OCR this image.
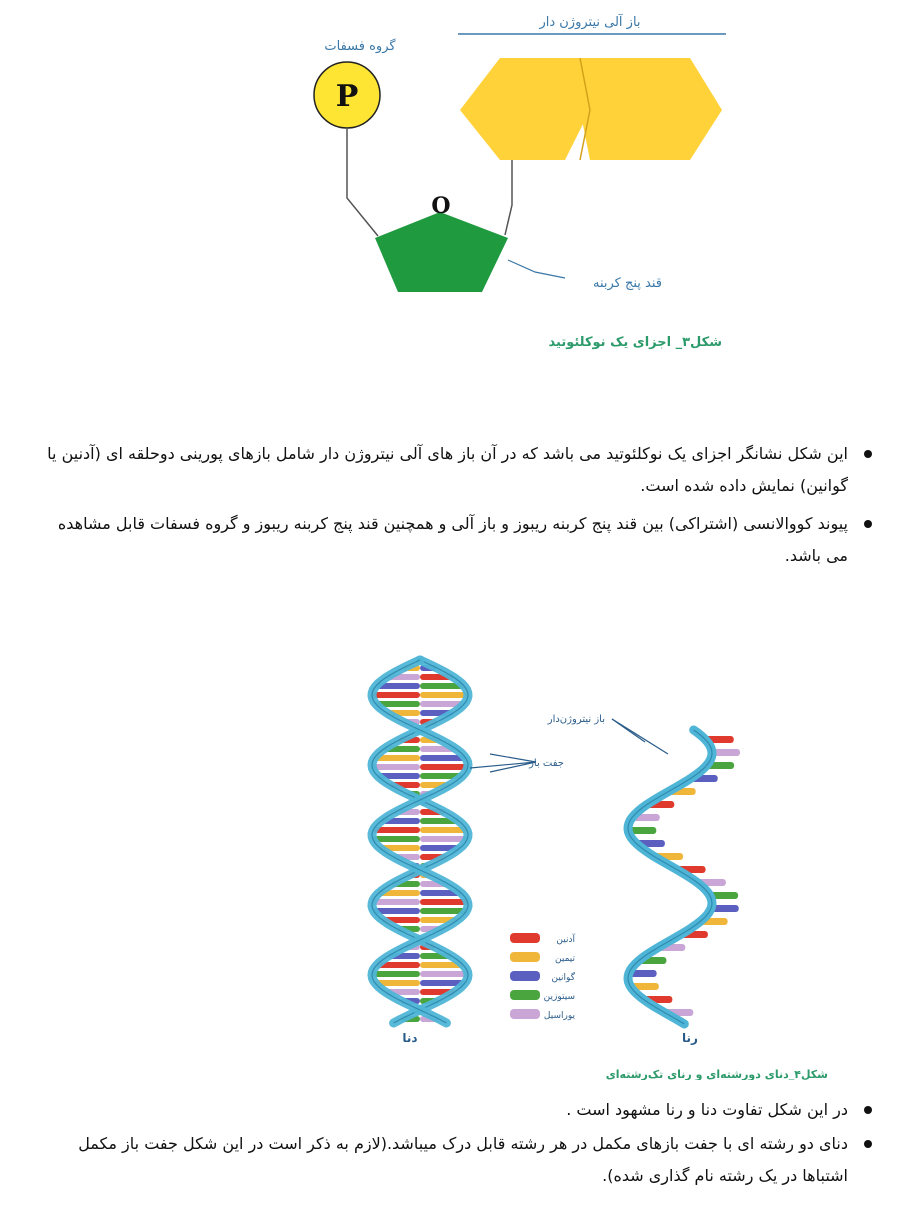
باز آلی نیتروژن دار
گروه فسفات
P
O
قند پنج کربنه
شکل۳_ اجزای یک نوکلئوتید

این شکل نشانگر اجزای یک نوکلئوتید می باشد که در آن باز های آلی نیتروژن دار شامل بازهای پورینی دوحلقه ای (آدنین یا گوانین) نمایش داده شده است.

پیوند کووالانسی (اشتراکی) بین قند پنج کربنه ریبوز و باز آلی و همچنین قند پنج کربنه ریبوز و گروه فسفات قابل مشاهده می باشد.

باز نیتروژن‌دار
جفت باز
آدنین
تیمین
گوانین
سیتوزین
یوراسیل
دنا	رنا
شکل۴_دنای دورشته‌ای و رنای تک‌رشته‌ای

در این شکل تفاوت دنا و رنا مشهود است .

دنای دو رشته ای با جفت بازهای مکمل در هر رشته قابل درک میباشد.(لازم به ذکر است در این شکل جفت باز مکمل اشتباها در یک رشته نام گذاری شده).
